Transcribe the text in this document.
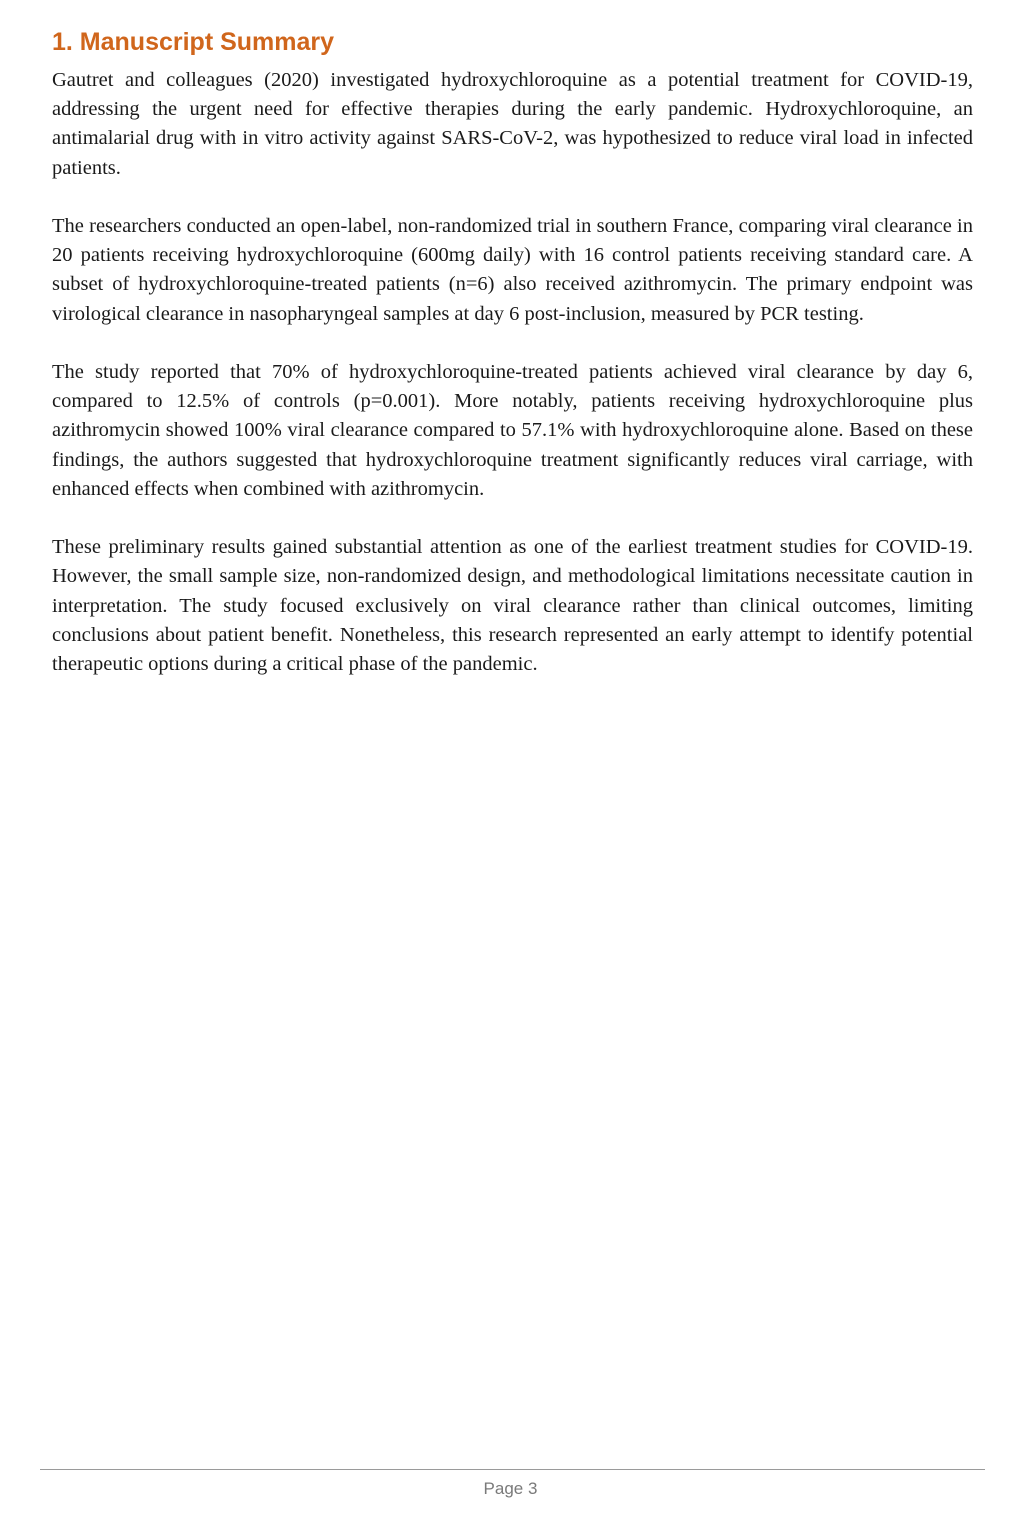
1. Manuscript Summary

Gautret and colleagues (2020) investigated hydroxychloroquine as a potential treatment for COVID-19, addressing the urgent need for effective therapies during the early pandemic. Hydroxychloroquine, an antimalarial drug with in vitro activity against SARS-CoV-2, was hypothesized to reduce viral load in infected patients.

The researchers conducted an open-label, non-randomized trial in southern France, comparing viral clearance in 20 patients receiving hydroxychloroquine (600mg daily) with 16 control patients receiving standard care. A subset of hydroxychloroquine-treated patients (n=6) also received azithromycin. The primary endpoint was virological clearance in nasopharyngeal samples at day 6 post-inclusion, measured by PCR testing.

The study reported that 70% of hydroxychloroquine-treated patients achieved viral clearance by day 6, compared to 12.5% of controls (p=0.001). More notably, patients receiving hydroxychloroquine plus azithromycin showed 100% viral clearance compared to 57.1% with hydroxychloroquine alone. Based on these findings, the authors suggested that hydroxychloroquine treatment significantly reduces viral carriage, with enhanced effects when combined with azithromycin.

These preliminary results gained substantial attention as one of the earliest treatment studies for COVID-19. However, the small sample size, non-randomized design, and methodological limitations necessitate caution in interpretation. The study focused exclusively on viral clearance rather than clinical outcomes, limiting conclusions about patient benefit. Nonetheless, this research represented an early attempt to identify potential therapeutic options during a critical phase of the pandemic.

Page 3
